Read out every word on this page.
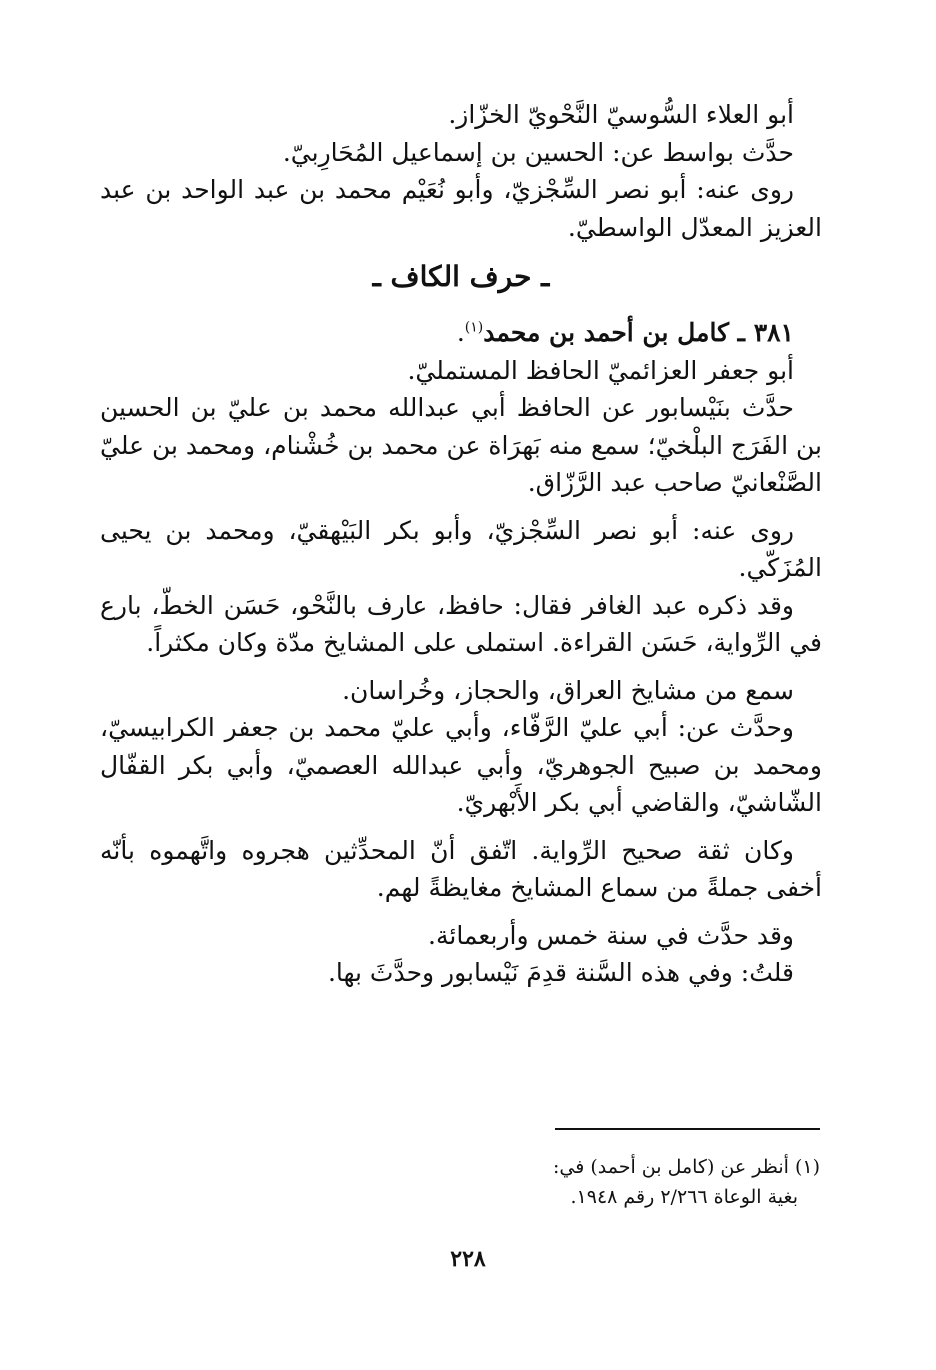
أبو العلاء السُّوسيّ النَّحْويّ الخزّاز.

حدَّث بواسط عن: الحسين بن إسماعيل المُحَارِبيّ.

روى عنه: أبو نصر السِّجْزيّ، وأبو نُعَيْم محمد بن عبد الواحد بن عبد العزيز المعدّل الواسطيّ.

ـ حرف الكاف ـ

٣٨١ ـ كامل بن أحمد بن محمد$^{(١)}$.

أبو جعفر العزائميّ الحافظ المستمليّ.

حدَّث بنَيْسابور عن الحافظ أبي عبدالله محمد بن عليّ بن الحسين بن الفَرَج البلْخيّ؛ سمع منه بَهرَاة عن محمد بن خُشْنام، ومحمد بن عليّ الصَّنْعانيّ صاحب عبد الرَّزّاق.

روى عنه: أبو نصر السِّجْزيّ، وأبو بكر البَيْهقيّ، ومحمد بن يحيى المُزَكّي.

وقد ذكره عبد الغافر فقال: حافظ، عارف بالنَّحْو، حَسَن الخطّ، بارع في الرِّواية، حَسَن القراءة. استملى على المشايخ مدّة وكان مكثراً.

سمع من مشايخ العراق، والحجاز، وخُراسان.

وحدَّث عن: أبي عليّ الرَّفّاء، وأبي عليّ محمد بن جعفر الكرابيسيّ، ومحمد بن صبيح الجوهريّ، وأبي عبدالله العصميّ، وأبي بكر القفّال الشّاشيّ، والقاضي أبي بكر الأَبْهريّ.

وكان ثقة صحيح الرِّواية. اتّفق أنّ المحدِّثين هجروه واتَّهموه بأنّه أخفى جملةً من سماع المشايخ مغايظةً لهم.

وقد حدَّث في سنة خمس وأربعمائة.

قلتُ: وفي هذه السَّنة قدِمَ نَيْسابور وحدَّثَ بها.

(١) أنظر عن (كامل بن أحمد) في:

بغية الوعاة ٢/٢٦٦ رقم ١٩٤٨.

٢٢٨
